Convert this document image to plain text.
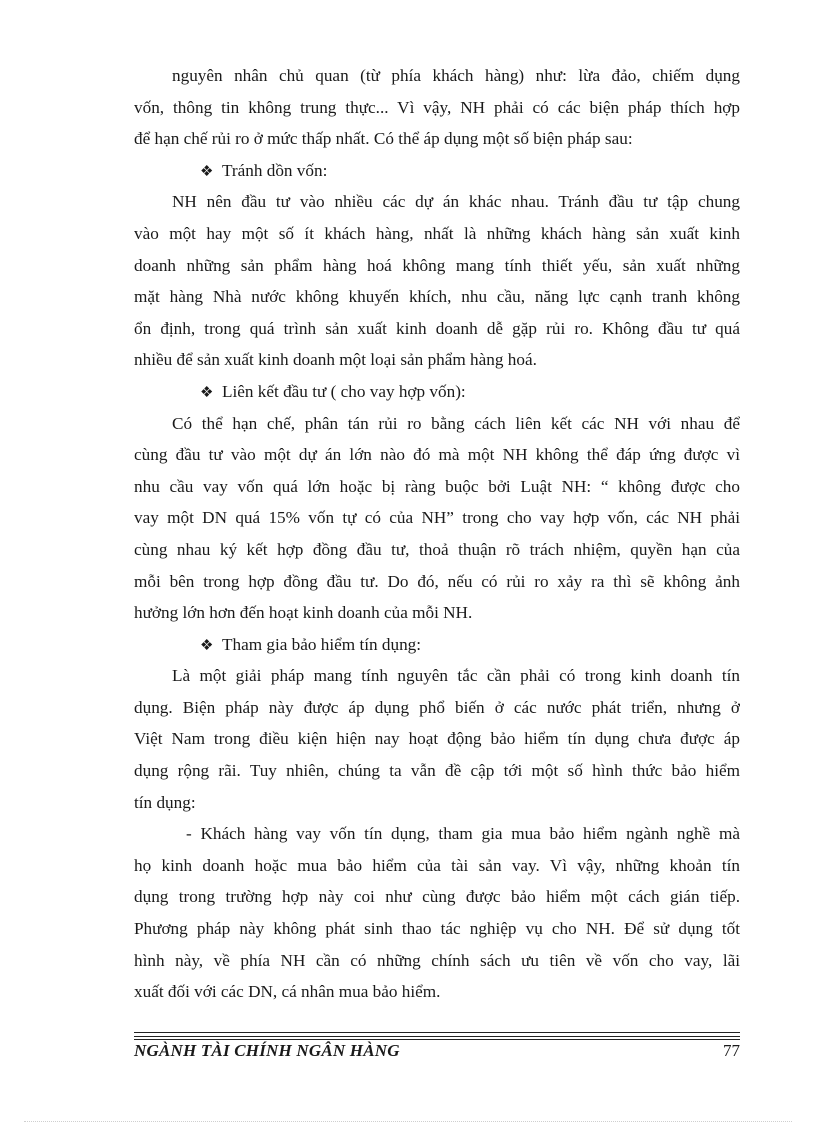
nguyên nhân chủ quan (từ phía khách hàng) như: lừa đảo, chiếm dụng
vốn, thông tin không trung thực... Vì vậy, NH phải có các biện pháp thích hợp
để hạn chế rủi ro ở mức thấp nhất. Có thể áp dụng một số biện pháp sau:
❖ Tránh dồn vốn:
NH nên đầu tư vào nhiều các dự án khác nhau. Tránh đầu tư tập chung
vào một hay một số ít khách hàng, nhất là những khách hàng sản xuất kinh
doanh những sản phẩm hàng hoá không mang tính thiết yếu, sản xuất những
mặt hàng Nhà nước không khuyến khích, nhu cầu, năng lực cạnh tranh không
ổn định, trong quá trình sản xuất kinh doanh dễ gặp rủi ro. Không đầu tư quá
nhiều để sản xuất kinh doanh một loại sản phẩm hàng hoá.
❖ Liên kết đầu tư ( cho vay hợp vốn):
Có thể hạn chế, phân tán rủi ro bằng cách liên kết các NH với nhau để
cùng đầu tư vào một dự án lớn nào đó mà một NH không thể đáp ứng được vì
nhu cầu vay vốn quá lớn hoặc bị ràng buộc bởi Luật NH: “ không được cho
vay một DN quá 15% vốn tự có của NH” trong cho vay hợp vốn, các NH phải
cùng nhau ký kết hợp đồng đầu tư, thoả thuận rõ trách nhiệm, quyền hạn của
mỗi bên trong hợp đồng đầu tư. Do đó, nếu có rủi ro xảy ra thì sẽ không ảnh
hưởng lớn hơn đến hoạt kinh doanh của mỗi NH.
❖ Tham gia bảo hiểm tín dụng:
Là một giải pháp mang tính nguyên tắc cần phải có trong kinh doanh tín
dụng. Biện pháp này được áp dụng phổ biến ở các nước phát triển, nhưng ở
Việt Nam trong điều kiện hiện nay hoạt động bảo hiểm tín dụng chưa được áp
dụng rộng rãi. Tuy nhiên, chúng ta vẫn đề cập tới một số hình thức bảo hiểm
tín dụng:
- Khách hàng vay vốn tín dụng, tham gia mua bảo hiểm ngành nghề mà
họ kinh doanh hoặc mua bảo hiểm của tài sản vay. Vì vậy, những khoản tín
dụng trong trường hợp này coi như cùng được bảo hiểm một cách gián tiếp.
Phương pháp này không phát sinh thao tác nghiệp vụ cho NH. Để sử dụng tốt
hình này, về phía NH cần có những chính sách ưu tiên về vốn cho vay, lãi
xuất đối với các DN, cá nhân mua bảo hiểm.
NGÀNH TÀI CHÍNH NGÂN HÀNG	77
